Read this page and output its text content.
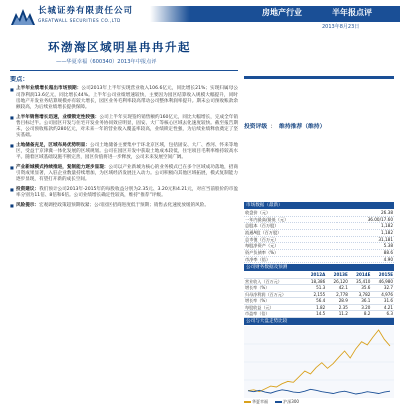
长城证券有限责任公司
GREATWALL SECURITIES CO.,LTD
房地产行业	半年报点评
2013年8月23日
环渤海区域明星冉冉升起
——华夏幸福（600340）2013年中报点评
要点：
■ 上半年业绩增长超出市场预期：公司2013年上半年实现营业收入106.6亿元，同比增长21%；实现归属母公司净利润13.6亿元，同比增长44%。上半年公司业绩增速较快，主要因为园区结算收入规模大幅提升，同时房地产开发业务结算规模亦有较大增长，园区业务毛利率较高带动公司整体利润率提升。期末公司预收账款余额较高，为后续业绩增长提供保障。
■ 上半年销售增长迅速，业绩锁定性较强：公司上半年实现签约销售额约160亿元，同比大幅增长，完成全年销售目标过半。公司园区开发与住宅开发业务协同效应明显，固安、大厂等核心区域去化速度较快。截至报告期末，公司预收账款约280亿元，对未来一年的营业收入覆盖率较高，业绩锁定性强，为后续业绩释放奠定了坚实基础。
■ 土地储备充足，区域布局优势明显：公司土地储备主要集中于环北京区域，包括固安、大厂、香河、怀来等地区，受益于京津冀一体化发展的区域规划。公司在园区开发中获取土地成本较低，住宅项目毛利率维持较高水平。随着区域基础设施不断完善，园区价值将进一步释放，公司未来发展空间广阔。
■ 产业新城模式持续推进，复制能力逐步显现：公司以产业新城为核心的业务模式已在多个区域成功落地，招商引资成果显著，入驻企业数量持续增加，为区域经济发展注入动力。公司积极向其他区域拓展，模式复制能力逐步显现，有望打开新的成长空间。
■ 投资建议：我们预计公司2013年-2015年的每股收益分别为2.35元、3.20元和4.21元，对应当前股价的市盈率分别为11倍、8倍和6倍。公司业绩增长确定性较高，维持“推荐”评级。
■ 风险提示：宏观调控政策超预期收紧；公司园区招商进度低于预期；销售去化速度放缓的风险。
投资评级 ： 维持推荐（维持）
市场数据（最新）
收盘价（元）	26.38
一年内最高/最低（元）	36.00/17.60
总股本（百万股）	1,182
流通A股（百万股）	1,182
总市值（百万元）	31,181
每股净资产（元）	5.38
资产负债率（%）	88.6
市净率（倍）	4.90
公司财务数据及预测
	2012A	2013E	2014E	2015E
营业收入（百万元）	18,386	26,120	35,410	46,980
增长率（%）	51.3	42.1	35.6	32.7
归母净利润（百万元）	2,155	2,778	3,782	4,976
增长率（%）	56.4	28.9	36.1	31.6
每股收益（元）	1.82	2.35	3.20	4.21
市盈率（倍）	14.5	11.2	8.2	6.3
公司与大盘走势比较
华夏幸福	沪深300
